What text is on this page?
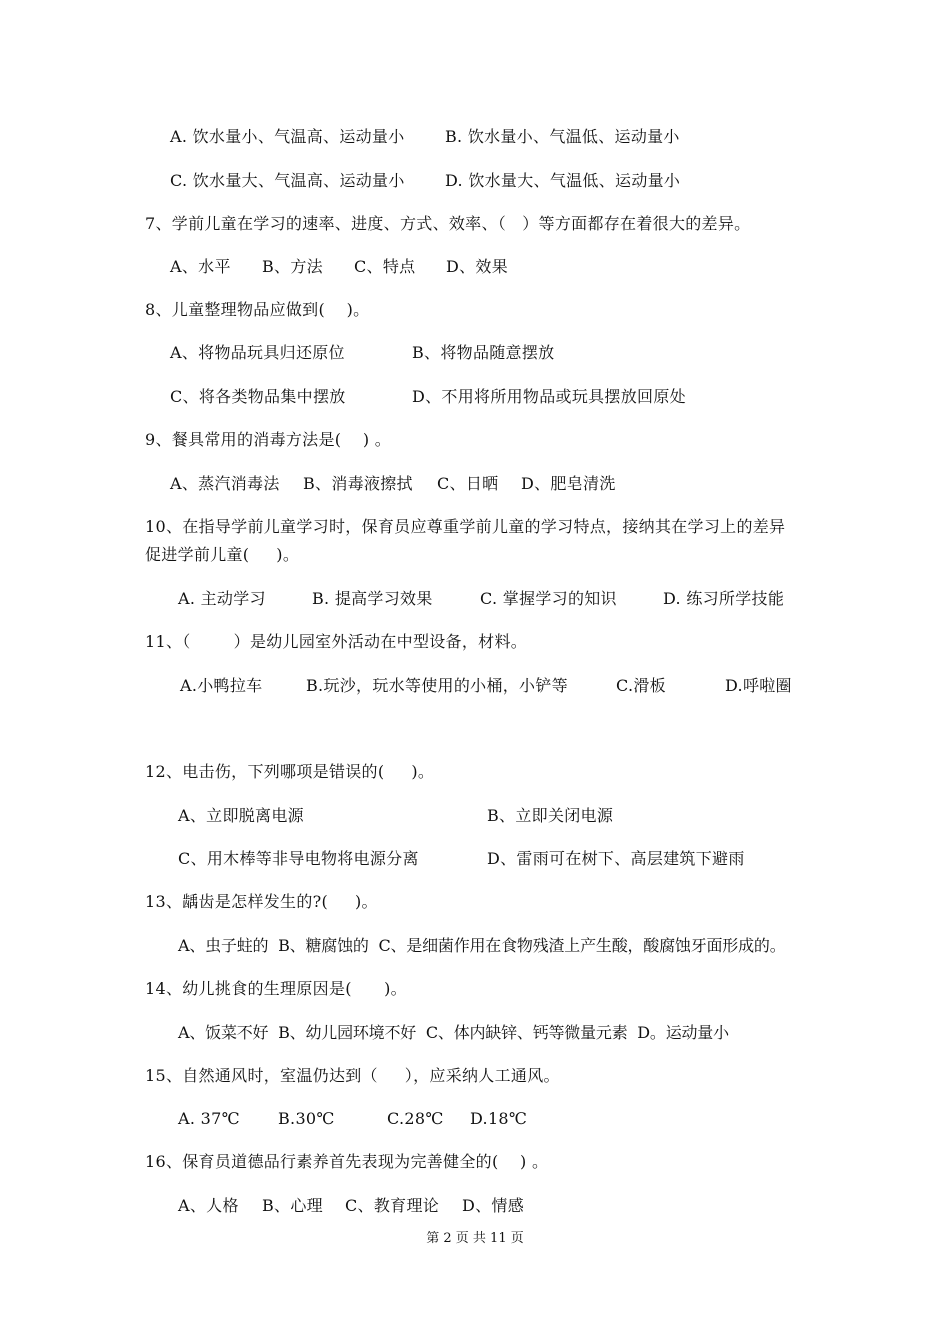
A. 饮水量小、气温高、运动量小	B. 饮水量小、气温低、运动量小
C. 饮水量大、气温高、运动量小	D. 饮水量大、气温低、运动量小
7、学前儿童在学习的速率、进度、方式、效率、（   ）等方面都存在着很大的差异。
A、水平 B、方法 C、特点 D、效果
8、儿童整理物品应做到(    )。
A、将物品玩具归还原位	B、将物品随意摆放
C、将各类物品集中摆放	D、不用将所用物品或玩具摆放回原处
9、餐具常用的消毒方法是(    ) 。
A、蒸汽消毒法 B、消毒液擦拭 C、日晒 D、肥皂清洗
10、在指导学前儿童学习时，保育员应尊重学前儿童的学习特点，接纳其在学习上的差异
促进学前儿童(     )。
A. 主动学习	B. 提高学习效果	C. 掌握学习的知识	D. 练习所学技能
11、（        ）是幼儿园室外活动在中型设备，材料。
A.小鸭拉车	B.玩沙，玩水等使用的小桶，小铲等	C.滑板	D.呼啦圈
12、电击伤，下列哪项是错误的(     )。
A、立即脱离电源	B、立即关闭电源
C、用木棒等非导电物将电源分离	D、雷雨可在树下、高层建筑下避雨
13、龋齿是怎样发生的?(     )。
A、虫子蛀的  B、糖腐蚀的  C、是细菌作用在食物残渣上产生酸，酸腐蚀牙面形成的。
14、幼儿挑食的生理原因是(      )。
A、饭菜不好  B、幼儿园环境不好  C、体内缺锌、钙等微量元素  D。运动量小
15、自然通风时，室温仍达到（     ），应采纳人工通风。
A. 37℃ B.30℃	C.28℃ D.18℃
16、保育员道德品行素养首先表现为完善健全的(    ) 。
A、人格 B、心理 C、教育理论 D、情感
第 2 页 共 11 页
